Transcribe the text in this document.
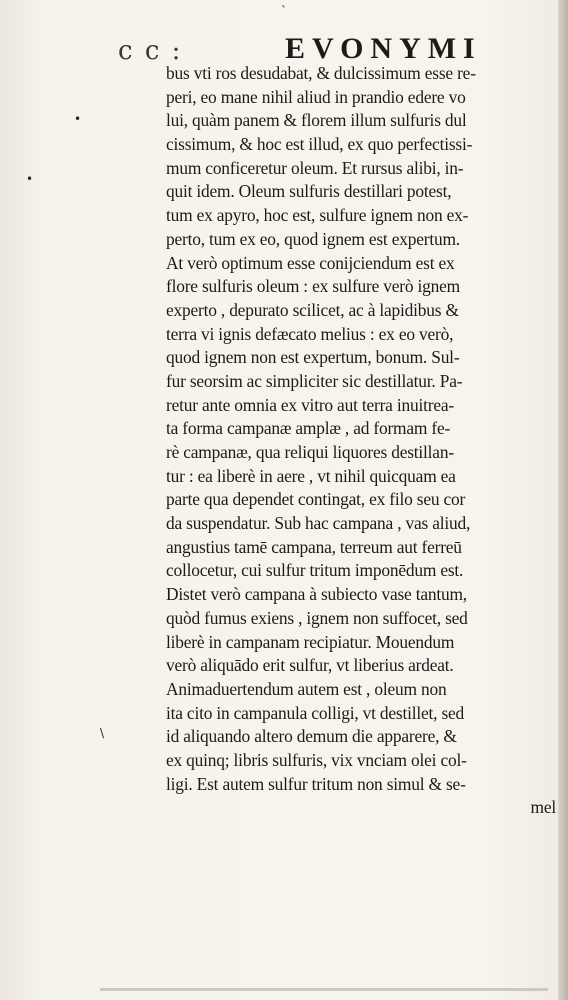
•
•
ˋ
\
c c :	EVONYMI
bus vti ros desudabat, & dulcissimum esse re-
peri, eo mane nihil aliud in prandio edere vo
lui, quàm panem & florem illum sulfuris dul
cissimum, & hoc est illud, ex quo perfectissi-
mum conficeretur oleum. Et rursus alibi, in-
quit idem. Oleum sulfuris destillari potest,
tum ex apyro, hoc est, sulfure ignem non ex-
perto, tum ex eo, quod ignem est expertum.
At verò optimum esse conijciendum est ex
flore sulfuris oleum : ex sulfure verò ignem
experto , depurato scilicet, ac à lapidibus &
terra vi ignis defæcato melius : ex eo verò,
quod ignem non est expertum, bonum. Sul-
fur seorsim ac simpliciter sic destillatur. Pa-
retur ante omnia ex vitro aut terra inuitrea-
ta forma campanæ amplæ , ad formam fe-
rè campanæ, qua reliqui liquores destillan-
tur : ea liberè in aere , vt nihil quicquam ea
parte qua dependet contingat, ex filo seu cor
da suspendatur. Sub hac campana , vas aliud,
angustius tamē campana, terreum aut ferreū
collocetur, cui sulfur tritum imponēdum est.
Distet verò campana à subiecto vase tantum,
quòd fumus exiens , ignem non suffocet, sed
liberè in campanam recipiatur. Mouendum
verò aliquādo erit sulfur, vt liberius ardeat.
Animaduertendum autem est , oleum non
ita cito in campanula colligi, vt destillet, sed
id aliquando altero demum die apparere, &
ex quinq; libris sulfuris, vix vnciam olei col-
ligi. Est autem sulfur tritum non simul & se-
mel
